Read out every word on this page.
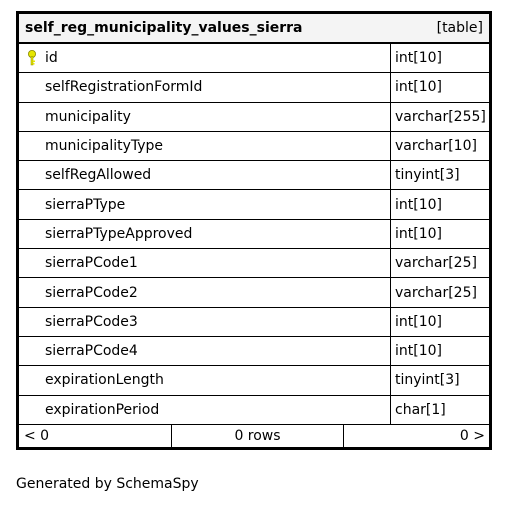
self_reg_municipality_values_sierra	[table]
id	int[10]
selfRegistrationFormId	int[10]
municipality	varchar[255]
municipalityType	varchar[10]
selfRegAllowed	tinyint[3]
sierraPType	int[10]
sierraPTypeApproved	int[10]
sierraPCode1	varchar[25]
sierraPCode2	varchar[25]
sierraPCode3	int[10]
sierraPCode4	int[10]
expirationLength	tinyint[3]
expirationPeriod	char[1]
< 0	0 rows	0 >
Generated by SchemaSpy
